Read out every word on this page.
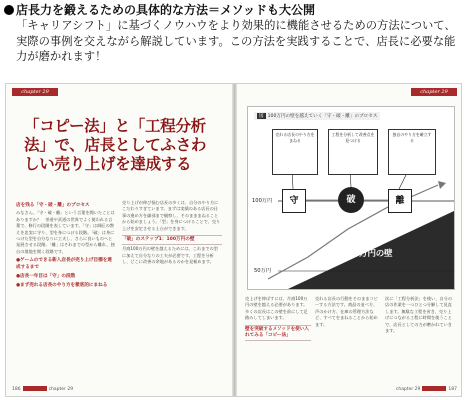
店長力を鍛えるための具体的な方法＝メソッドも大公開
「キャリアシフト」に基づくノウハウをより効果的に機能させるための方法について、実際の事例を交えながら解説しています。この方法を実践することで、店長に必要な能力が磨かれます！
chapter 29
「コピー法」と「工程分析法」で、店長としてふさわしい売り上げを達成する
店を残る「守・破・離」のプロセス
みなさん、「守・破・離」という言葉を聞いたことはありますか？　茶道や武道の世界でよく使われる言葉で、修行の段階を表しています。「守」は師匠の教えを忠実に守り、型を身につける段階。「破」は身につけた型を自分なりに工夫し、さらに良いものへと発展させる段階。「離」はそれまでの型から離れ、独自の境地を開く段階です。
●ゲームのできる新入店長が売り上げ目標を達成するまで
●店長一年目は「守」の段階
●まず売れる店長のやり方を徹底的にまねる
売り上げが伸び悩む店長の多くは、自分のやり方にこだわりすぎています。まずは実績のある店長の仕事の進め方を細部まで観察し、そのまままねることから始めましょう。「型」を身につけることで、売り上げを安定させる土台ができます。
「破」のステップ1：100万円の壁
月商100万円の壁を越えるためには、これまでの型に加えて自分なりの工夫が必要です。工程を分析し、どこに改善の余地があるのかを見極めます。
186	chapter 29
chapter 29
図 100万円の壁を越えていく「守・破・離」のプロセス
売れる店長のやり方をまねる
工程を分析して改善点を見つける
独自のやり方を確立する
守	破	離
100万円
50万円
100万円の壁
売上げを伸ばすには、月商100万円の壁を越える必要があります。多くの店長はこの壁を前にして足踏みしてしまいます。
壁を突破するメソッドを使い入れてみる「コピー法」
売れる店長の行動をそのままコピーする方法です。商品の並べ方、声のかけ方、在庫の管理方法など、すべてをまねることから始めます。
次に「工程分析法」を使い、自分の店の作業を一つひとつ分解して見直します。無駄な工程を省き、売り上げにつながる工程に時間を使うことで、店長としての力が磨かれていきます。
chapter 29	187
